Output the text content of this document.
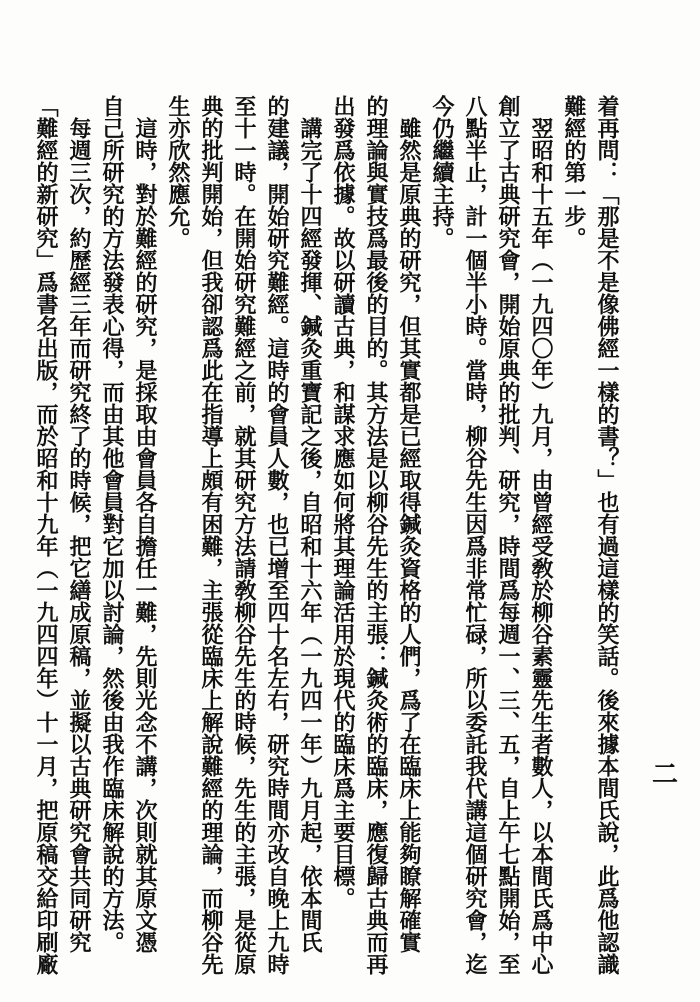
二
着再問：「那是不是像佛經一樣的書？」也有過這樣的笑話。後來據本間氏說，此爲他認識
難經的第一步。
　翌昭和十五年（一九四〇年）九月，由曾經受敎於柳谷素靈先生者數人，以本間氏爲中心
創立了古典研究會，開始原典的批判、研究，時間爲每週一、三、五，自上午七點開始，至
八點半止，計一個半小時。當時，柳谷先生因爲非常忙碌，所以委託我代講這個研究會，迄
今仍繼續主持。
　雖然是原典的研究，但其實都是已經取得鍼灸資格的人們，爲了在臨床上能夠瞭解確實
的理論與實技爲最後的目的。其方法是以柳谷先生的主張：鍼灸術的臨床，應復歸古典而再
出發爲依據。故以研讀古典，和謀求應如何將其理論活用於現代的臨床爲主要目標。
　講完了十四經發揮、鍼灸重寶記之後，自昭和十六年（一九四一年）九月起，依本間氏
的建議，開始研究難經。這時的會員人數，也已增至四十名左右，研究時間亦改自晚上九時
至十一時。在開始研究難經之前，就其研究方法請敎柳谷先生的時候，先生的主張，是從原
典的批判開始，但我卻認爲此在指導上頗有困難，主張從臨床上解說難經的理論，而柳谷先
生亦欣然應允。
　這時，對於難經的研究，是採取由會員各自擔任一難，先則光念不講，次則就其原文憑
自己所研究的方法發表心得，而由其他會員對它加以討論，然後由我作臨床解說的方法。
　每週三次，約歷經三年而研究終了的時候，把它繕成原稿，並擬以古典研究會共同研究
「難經的新研究」爲書名出版，而於昭和十九年（一九四四年）十一月，把原稿交給印刷廠
